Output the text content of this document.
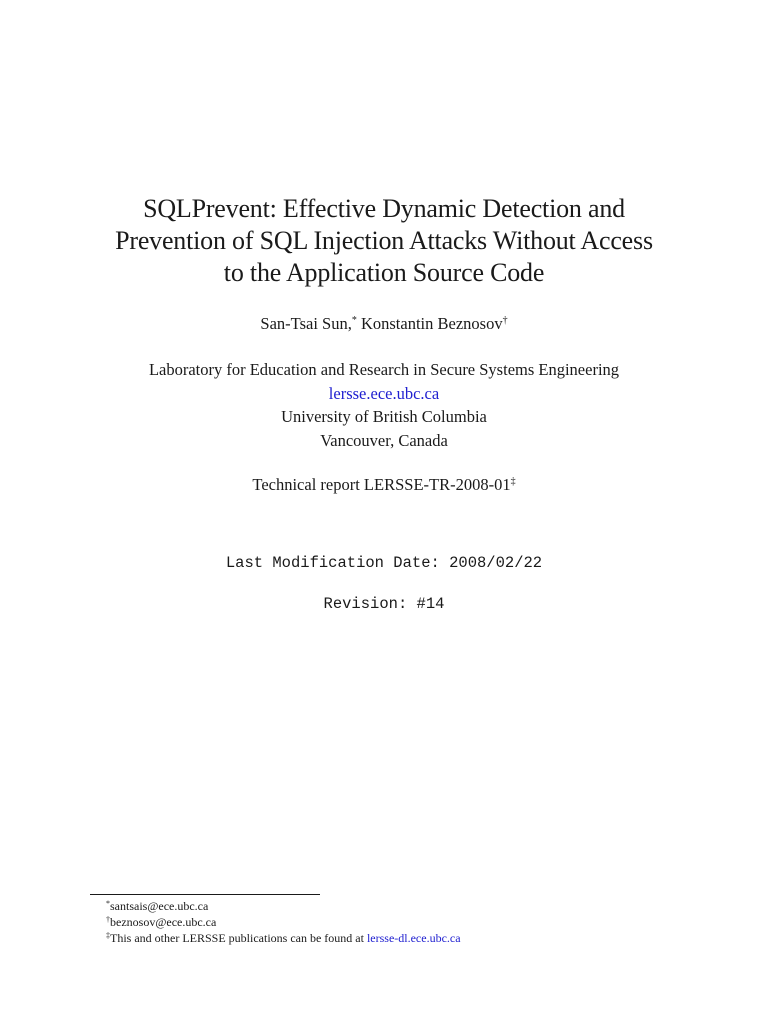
SQLPrevent: Effective Dynamic Detection and
Prevention of SQL Injection Attacks Without Access
to the Application Source Code
San-Tsai Sun,* Konstantin Beznosov†
Laboratory for Education and Research in Secure Systems Engineering
lersse.ece.ubc.ca
University of British Columbia
Vancouver, Canada
Technical report LERSSE-TR-2008-01‡
Last Modification Date: 2008/02/22
Revision: #14
*santsais@ece.ubc.ca
†beznosov@ece.ubc.ca
‡This and other LERSSE publications can be found at lersse-dl.ece.ubc.ca
